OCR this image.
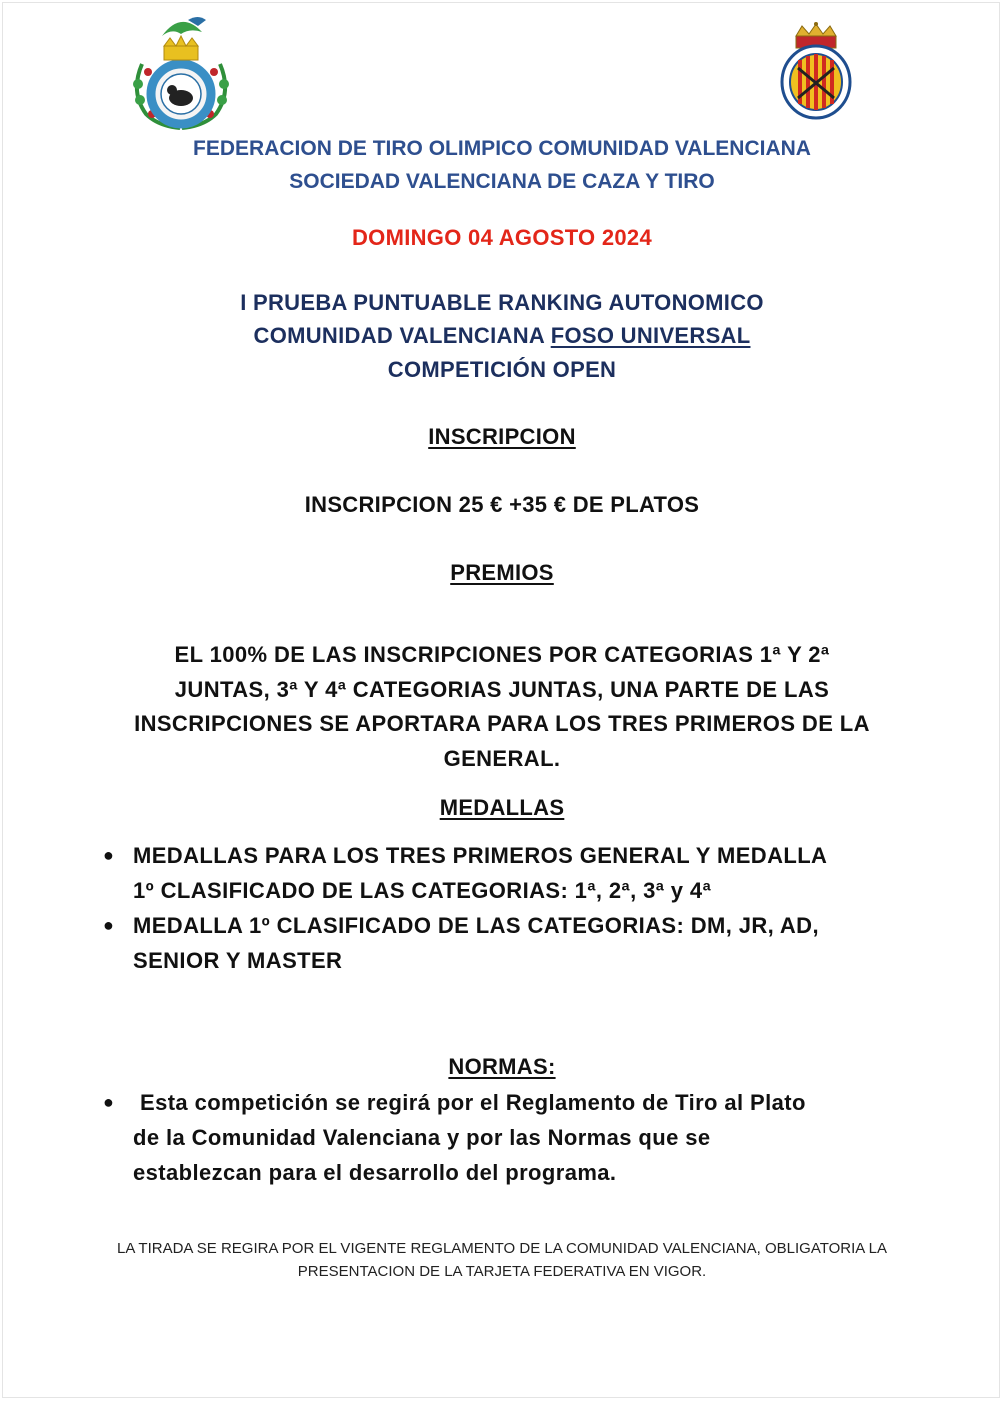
FEDERACION DE TIRO OLIMPICO COMUNIDAD VALENCIANA
SOCIEDAD VALENCIANA DE CAZA Y TIRO
DOMINGO 04 AGOSTO 2024
I PRUEBA PUNTUABLE RANKING AUTONOMICO
COMUNIDAD VALENCIANA FOSO UNIVERSAL
COMPETICIÓN OPEN
INSCRIPCION
INSCRIPCION 25 € +35 € DE PLATOS
PREMIOS
EL 100% DE LAS INSCRIPCIONES POR CATEGORIAS 1ª Y 2ª
JUNTAS, 3ª Y 4ª CATEGORIAS JUNTAS, UNA PARTE DE LAS
INSCRIPCIONES SE APORTARA PARA LOS TRES PRIMEROS DE LA
GENERAL.
MEDALLAS
● MEDALLAS PARA LOS TRES PRIMEROS GENERAL Y MEDALLA
1º CLASIFICADO DE LAS CATEGORIAS: 1ª, 2ª, 3ª y 4ª
● MEDALLA 1º CLASIFICADO DE LAS CATEGORIAS: DM, JR, AD,
SENIOR Y MASTER
NORMAS:
●	Esta competición se regirá por el Reglamento de Tiro al Plato
de la Comunidad Valenciana y por las Normas que se
establezcan para el desarrollo del programa.
LA TIRADA SE REGIRA POR EL VIGENTE REGLAMENTO DE LA COMUNIDAD VALENCIANA, OBLIGATORIA LA
PRESENTACION DE LA TARJETA FEDERATIVA EN VIGOR.
